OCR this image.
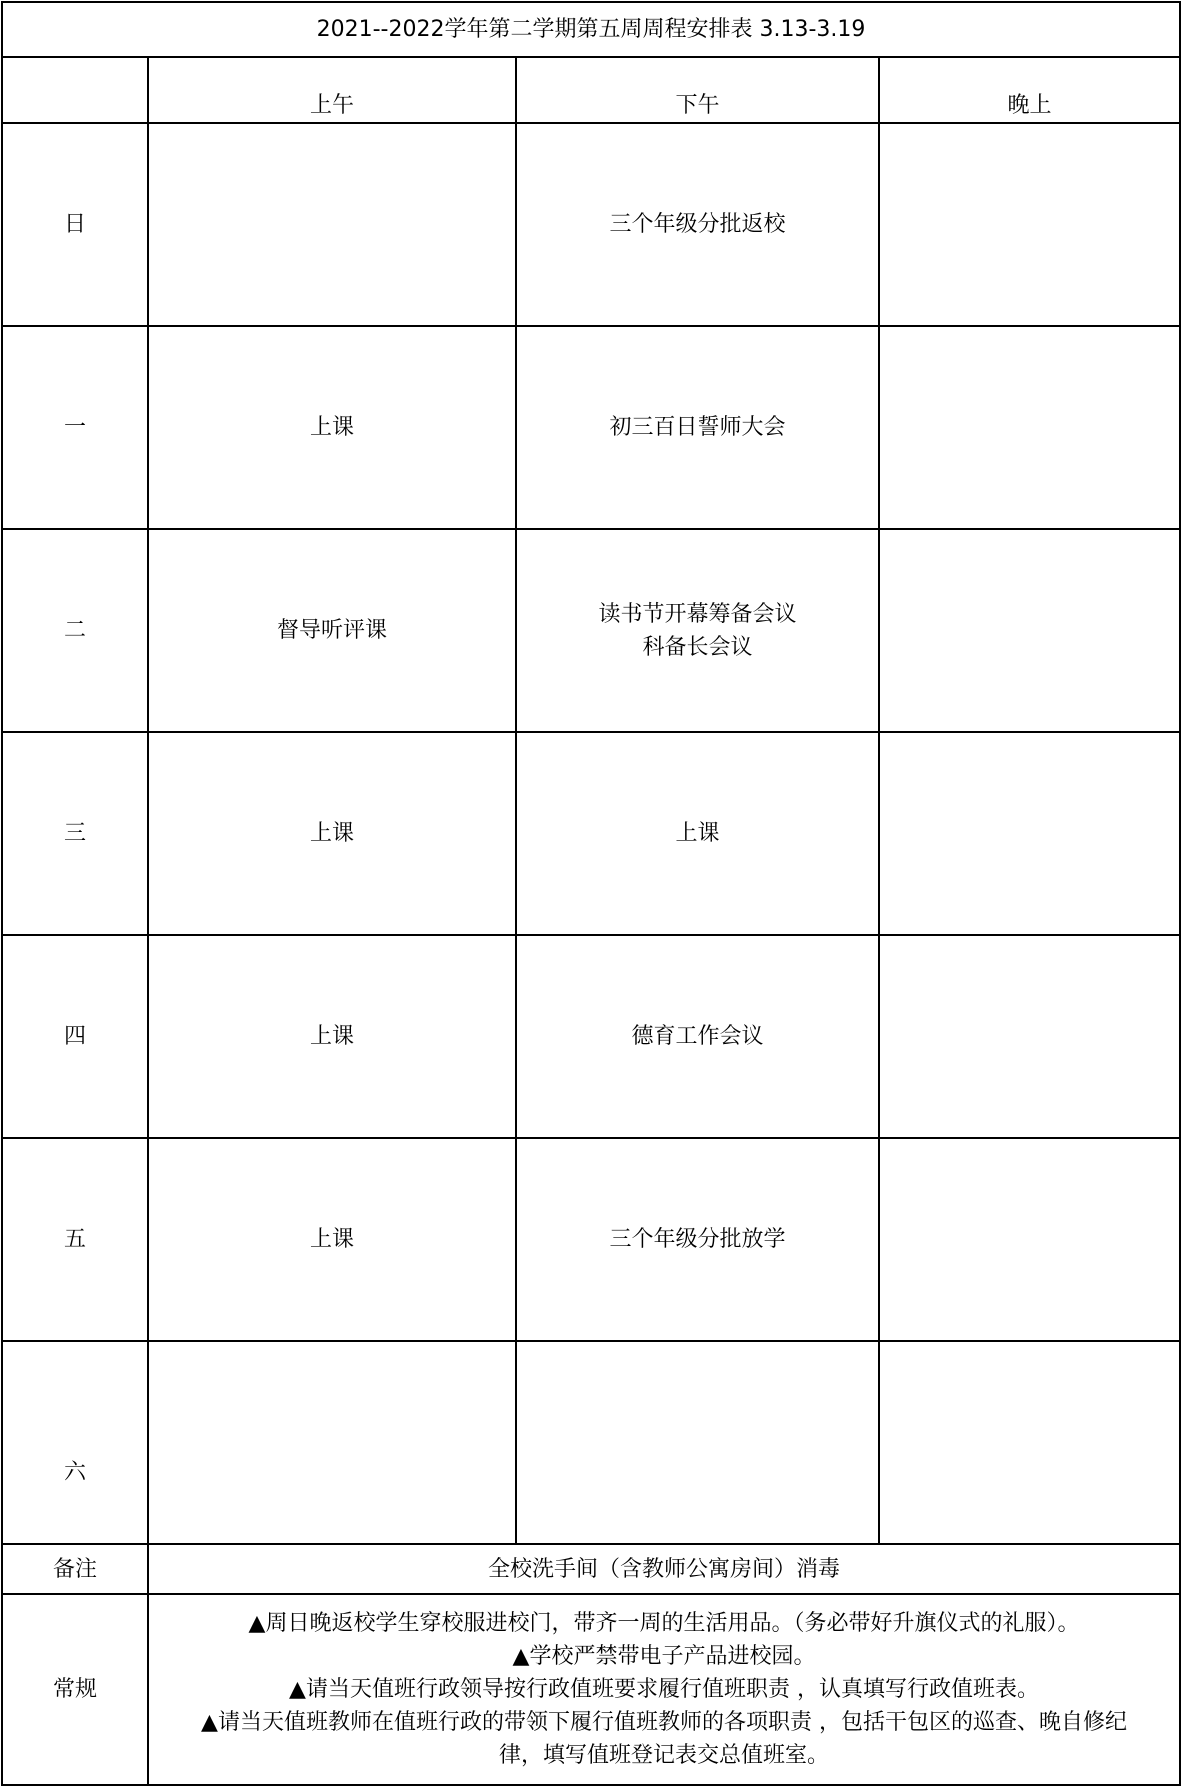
2021--2022学年第二学期第五周周程安排表 3.13-3.19			
	上午	下午	晚上
日		三个年级分批返校	

一	上课	初三百日誓师大会	

二	督导听评课	读书节开幕筹备会议
科备长会议	

三	上课	上课	

四	上课	德育工作会议	

五	上课	三个年级分批放学	

六			
备注	全校洗手间（含教师公寓房间）消毒		
常规	▲周日晚返校学生穿校服进校门，带齐一周的生活用品。（务必带好升旗仪式的礼服）。
▲学校严禁带电子产品进校园。
▲请当天值班行政领导按行政值班要求履行值班职责 ，认真填写行政值班表。
▲请当天值班教师在值班行政的带领下履行值班教师的各项职责 ，包括干包区的巡查、晚自修纪
律，填写值班登记表交总值班室。		
